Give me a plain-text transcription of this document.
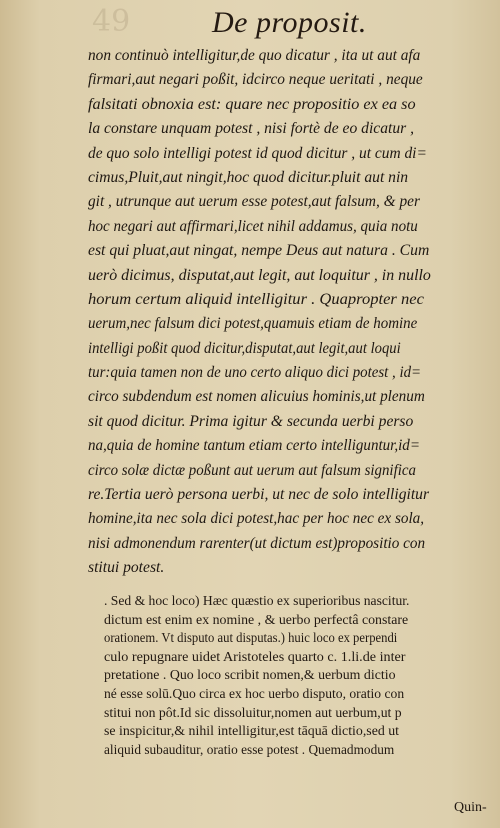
49	De proposit.

non continuò intelligitur,de quo dicatur , ita ut aut afa
firmari,aut negari poßit, idcirco neque ueritati , neque
falsitati obnoxia est: quare nec propositio ex ea so
la constare unquam potest , nisi fortè de eo dicatur ,
de quo solo intelligi potest id quod dicitur , ut cum di=
cimus,Pluit,aut ningit,hoc quod dicitur.pluit aut nin
git , utrunque aut uerum esse potest,aut falsum, & per
hoc negari aut affirmari,licet nihil addamus, quia notu
est qui pluat,aut ningat, nempe Deus aut natura . Cum
uerò dicimus, disputat,aut legit, aut loquitur , in nullo
horum certum aliquid intelligitur . Quapropter nec
uerum,nec falsum dici potest,quamuis etiam de homine
intelligi poßit quod dicitur,disputat,aut legit,aut loqui
tur:quia tamen non de uno certo aliquo dici potest , id=
circo subdendum est nomen alicuius hominis,ut plenum
sit quod dicitur. Prima igitur & secunda uerbi perso
na,quia de homine tantum etiam certo intelliguntur,id=
circo solæ dictæ poßunt aut uerum aut falsum significa
re.Tertia uerò persona uerbi, ut nec de solo intelligitur
homine,ita nec sola dici potest,hac per hoc nec ex sola,
nisi admonendum rarenter(ut dictum est)propositio con
stitui potest.
. Sed & hoc loco) Hæc quæstio ex superioribus nascitur.
dictum est enim ex nomine , & uerbo perfectâ constare
orationem. Vt disputo aut disputas.) huic loco ex perpendi
culo repugnare uidet Aristoteles quarto c. 1.li.de inter
pretatione . Quo loco scribit nomen,& uerbum dictio
né esse solū.Quo circa ex hoc uerbo disputo, oratio con
stitui non pôt.Id sic dissoluitur,nomen aut uerbum,ut p
se inspicitur,& nihil intelligitur,est tāquā dictio,sed ut
aliquid subauditur, oratio esse potest . Quemadmodum

Quin-
